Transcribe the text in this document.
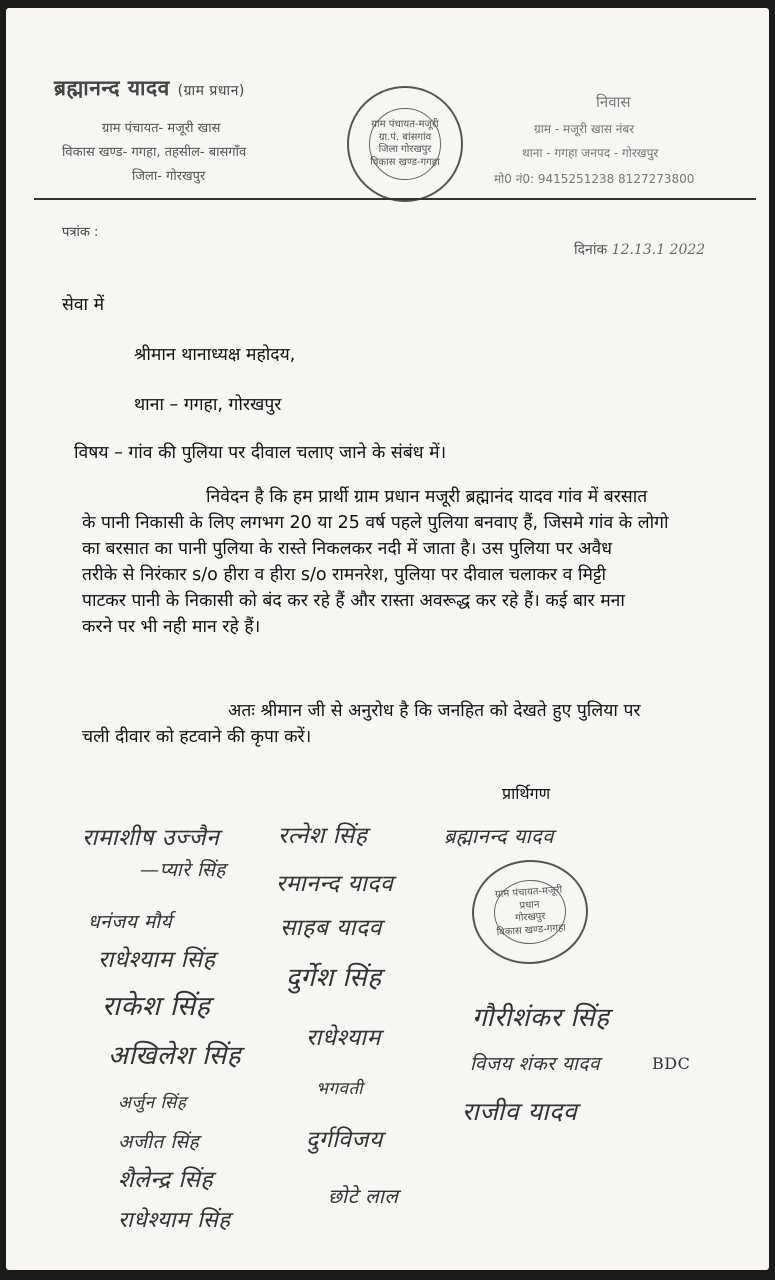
ब्रह्मानन्द यादव (ग्राम प्रधान)
ग्राम पंचायत- मजूरी खास
विकास खण्ड- गगहा, तहसील- बासगाँव
जिला- गोरखपुर
ग्राम पंचायत-मजूरी
ग्रा.पं. बांसगांव
जिला गोरखपुर
विकास खण्ड-गगहा
निवास
ग्राम - मजूरी खास नंबर
थाना - गगहा जनपद - गोरखपुर
मो0 नं0: 9415251238 8127273800
पत्रांक :
दिनांक 12.13.1 2022
सेवा में
श्रीमान थानाध्यक्ष महोदय,
थाना – गगहा, गोरखपुर
विषय – गांव की पुलिया पर दीवाल चलाए जाने के संबंध में।
निवेदन है कि हम प्रार्थी ग्राम प्रधान मजूरी ब्रह्मानंद यादव गांव में बरसात
के पानी निकासी के लिए लगभग 20 या 25 वर्ष पहले पुलिया बनवाए हैं, जिसमे गांव के लोगो
का बरसात का पानी पुलिया के रास्ते निकलकर नदी में जाता है। उस पुलिया पर अवैध
तरीके से निरंकार s/o हीरा व हीरा s/o रामनरेश, पुलिया पर दीवाल चलाकर व मिट्टी
पाटकर पानी के निकासी को बंद कर रहे हैं और रास्ता अवरूद्ध कर रहे हैं। कई बार मना
करने पर भी नही मान रहे हैं।
अतः श्रीमान जी से अनुरोध है कि जनहित को देखते हुए पुलिया पर
चली दीवार को हटवाने की कृपा करें।
प्रार्थिगण
रामाशीष उज्जैन
—प्यारे सिंह
धनंजय मौर्य
राधेश्याम सिंह
राकेश सिंह
अखिलेश सिंह
अर्जुन सिंह
अजीत सिंह
शैलेन्द्र सिंह
राधेश्याम सिंह
रत्नेश सिंह
रमानन्द यादव
साहब यादव
दुर्गेश सिंह
राधेश्याम
भगवती
दुर्गविजय
छोटे लाल
ब्रह्मानन्द यादव
ग्राम पंचायत-मजूरी
प्रधान
गोरखपुर
विकास खण्ड-गगहा
गौरीशंकर सिंह
विजय शंकर यादव	BDC
राजीव यादव
